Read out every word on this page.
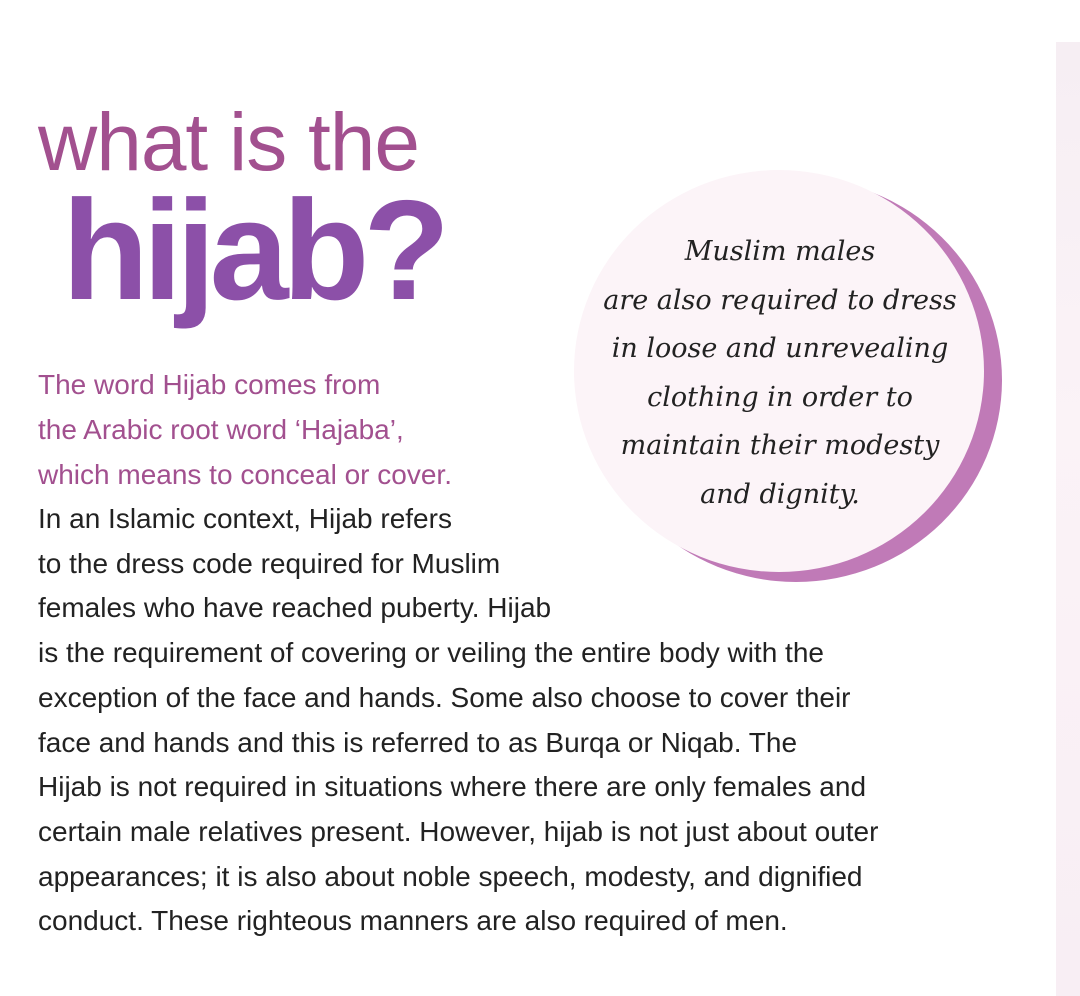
what is the
hijab?	Muslim males
are also required to dress
in loose and unrevealing
clothing in order to
maintain their modesty
and dignity.

The word Hijab comes from
the Arabic root word ‘Hajaba’,
which means to conceal or cover.

In an Islamic context, Hijab refers
to the dress code required for Muslim
females who have reached puberty. Hijab
is the requirement of covering or veiling the entire body with the
exception of the face and hands. Some also choose to cover their
face and hands and this is referred to as Burqa or Niqab. The
Hijab is not required in situations where there are only females and
certain male relatives present. However, hijab is not just about outer
appearances; it is also about noble speech, modesty, and dignified
conduct. These righteous manners are also required of men.
